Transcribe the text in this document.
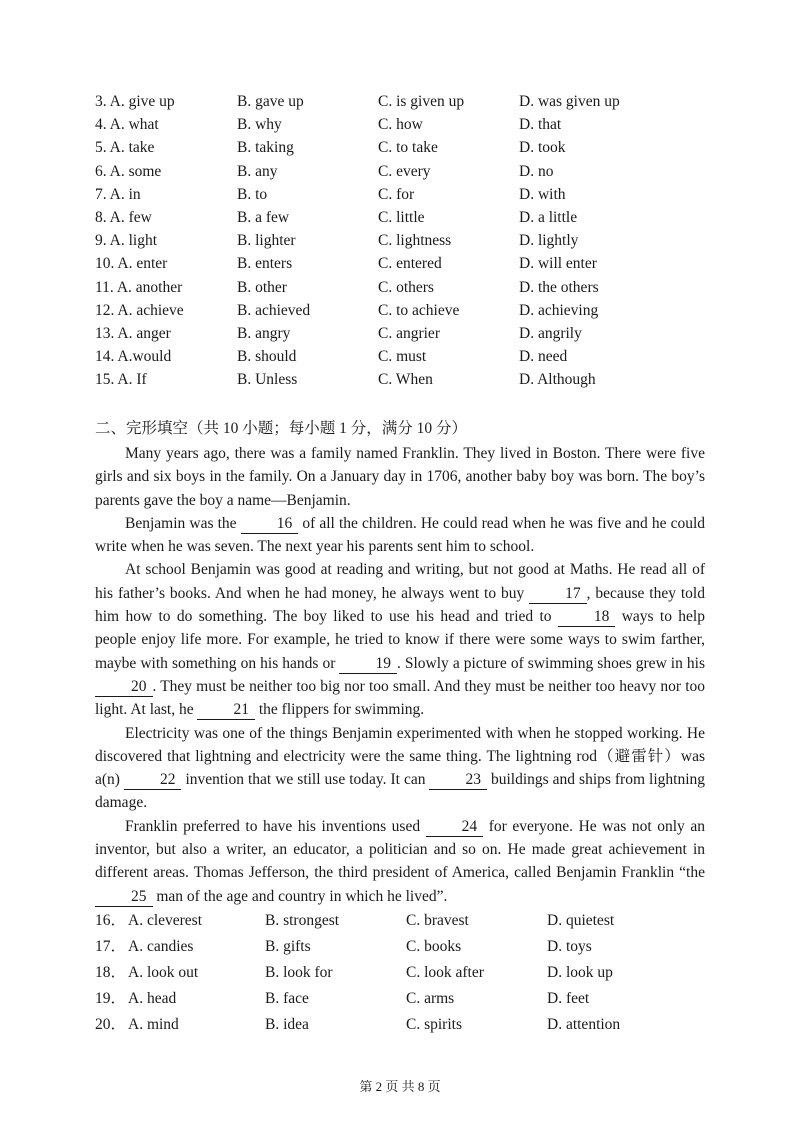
3. A. give up	B. gave up	C. is given up	D. was given up
4. A. what	B. why	C. how	D. that
5. A. take	B. taking	C. to take	D. took
6. A. some	B. any	C. every	D. no
7. A. in	B. to	C. for	D. with
8. A. few	B. a few	C. little	D. a little
9. A. light	B. lighter	C. lightness	D. lightly
10. A. enter	B. enters	C. entered	D. will enter
11. A. another	B. other	C. others	D. the others
12. A. achieve	B. achieved	C. to achieve	D. achieving
13. A. anger	B. angry	C. angrier	D. angrily
14. A.would	B. should	C. must	D. need
15. A. If	B. Unless	C. When	D. Although
二、完形填空（共 10 小题；每小题 1 分，满分 10 分）

Many years ago, there was a family named Franklin. They lived in Boston. There were five girls and six boys in the family. On a January day in 1706, another baby boy was born. The boy’s parents gave the boy a name—Benjamin.

Benjamin was the 16 of all the children. He could read when he was five and he could write when he was seven. The next year his parents sent him to school.

At school Benjamin was good at reading and writing, but not good at Maths. He read all of his father’s books. And when he had money, he always went to buy 17 , because they told him how to do something. The boy liked to use his head and tried to 18 ways to help people enjoy life more. For example, he tried to know if there were some ways to swim farther, maybe with something on his hands or 19 . Slowly a picture of swimming shoes grew in his 20 . They must be neither too big nor too small. And they must be neither too heavy nor too light. At last, he 21 the flippers for swimming.

Electricity was one of the things Benjamin experimented with when he stopped working. He discovered that lightning and electricity were the same thing. The lightning rod（避雷针）was a(n) 22 invention that we still use today. It can 23 buildings and ships from lightning damage.

Franklin preferred to have his inventions used 24 for everyone. He was not only an inventor, but also a writer, an educator, a politician and so on. He made great achievement in different areas. Thomas Jefferson, the third president of America, called Benjamin Franklin “the 25 man of the age and country in which he lived”.

16． A. cleverest	B. strongest	C. bravest	D. quietest
17． A. candies	B. gifts	C. books	D. toys
18． A. look out	B. look for	C. look after	D. look up
19． A. head	B. face	C. arms	D. feet
20． A. mind	B. idea	C. spirits	D. attention
第 2 页 共 8 页
